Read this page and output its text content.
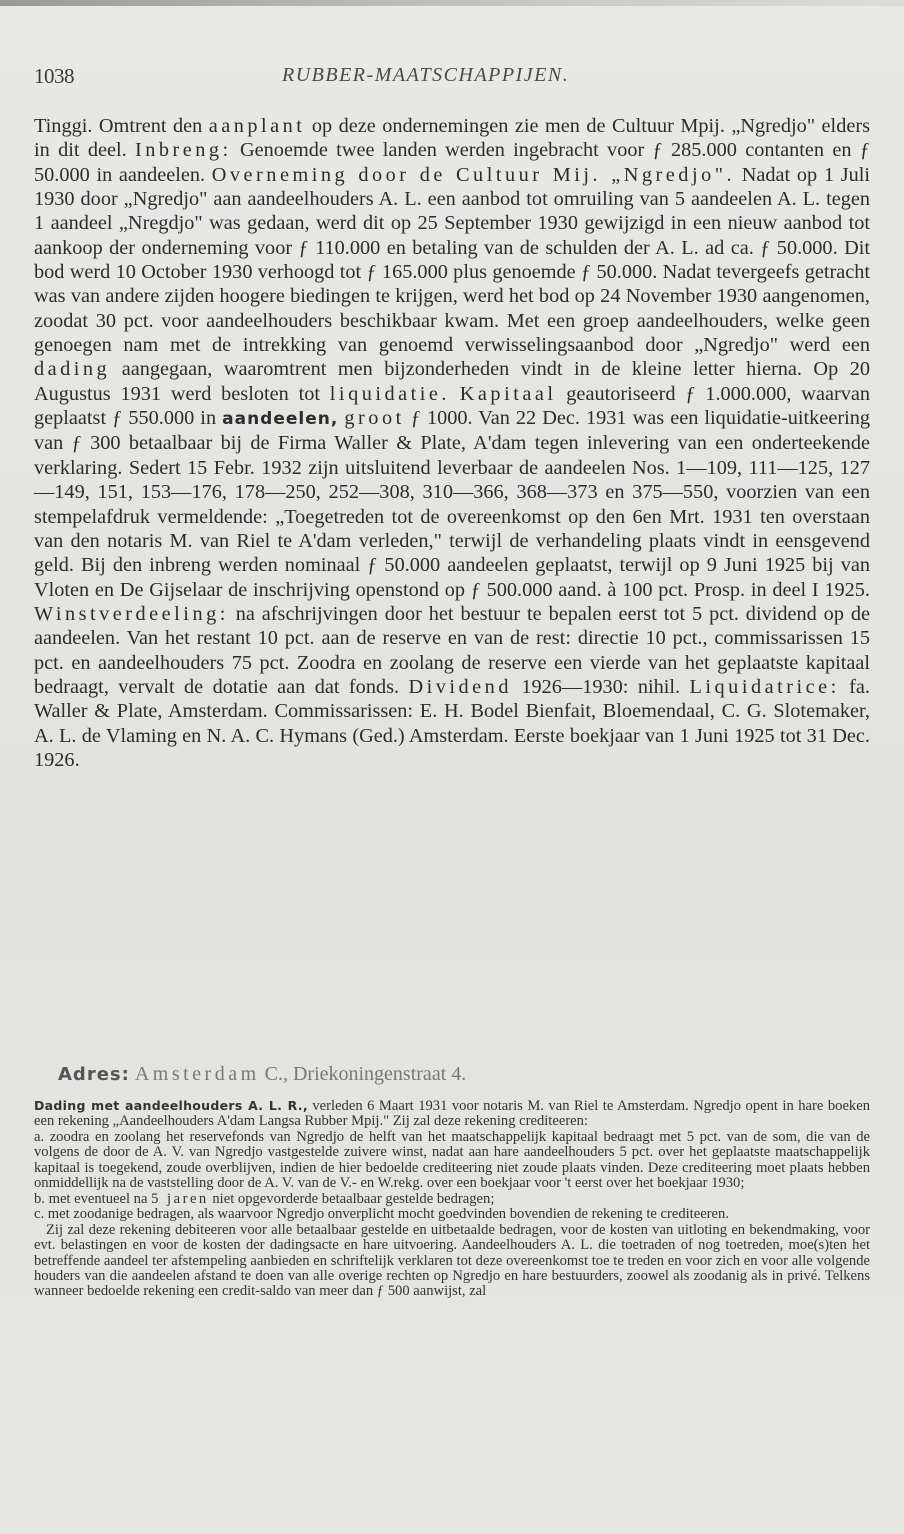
1038	RUBBER-MAATSCHAPPIJEN.

Tinggi. Omtrent den aanplant op deze ondernemingen zie men de Cultuur Mpij. „Ngredjo" elders in dit deel. Inbreng: Genoemde twee landen werden ingebracht voor ƒ 285.000 contanten en ƒ 50.000 in aandeelen. Overneming door de Cultuur Mij. „Ngredjo". Nadat op 1 Juli 1930 door „Ngredjo" aan aandeelhouders A. L. een aanbod tot omruiling van 5 aandeelen A. L. tegen 1 aandeel „Nregdjo" was gedaan, werd dit op 25 September 1930 gewijzigd in een nieuw aanbod tot aankoop der onderneming voor ƒ 110.000 en betaling van de schulden der A. L. ad ca. ƒ 50.000. Dit bod werd 10 October 1930 verhoogd tot ƒ 165.000 plus genoemde ƒ 50.000. Nadat tevergeefs getracht was van andere zijden hoogere biedingen te krijgen, werd het bod op 24 November 1930 aangenomen, zoodat 30 pct. voor aandeelhouders beschikbaar kwam. Met een groep aandeelhouders, welke geen genoegen nam met de intrekking van genoemd verwisselingsaanbod door „Ngredjo" werd een dading aangegaan, waaromtrent men bijzonderheden vindt in de kleine letter hierna. Op 20 Augustus 1931 werd besloten tot liquidatie. Kapitaal geautoriseerd ƒ 1.000.000, waarvan geplaatst ƒ 550.000 in aandeelen, groot ƒ 1000. Van 22 Dec. 1931 was een liquidatie-uitkeering van ƒ 300 betaalbaar bij de Firma Waller & Plate, A'dam tegen inlevering van een onderteekende verklaring. Sedert 15 Febr. 1932 zijn uitsluitend leverbaar de aandeelen Nos. 1—109, 111—125, 127—149, 151, 153—176, 178—250, 252—308, 310—366, 368—373 en 375—550, voorzien van een stempelafdruk vermeldende: „Toegetreden tot de overeenkomst op den 6en Mrt. 1931 ten overstaan van den notaris M. van Riel te A'dam verleden," terwijl de verhandeling plaats vindt in eensgevend geld. Bij den inbreng werden nominaal ƒ 50.000 aandeelen geplaatst, terwijl op 9 Juni 1925 bij van Vloten en De Gijselaar de inschrijving openstond op ƒ 500.000 aand. à 100 pct. Prosp. in deel I 1925. Winstverdeeling: na afschrijvingen door het bestuur te bepalen eerst tot 5 pct. dividend op de aandeelen. Van het restant 10 pct. aan de reserve en van de rest: directie 10 pct., commissarissen 15 pct. en aandeelhouders 75 pct. Zoodra en zoolang de reserve een vierde van het geplaatste kapitaal bedraagt, vervalt de dotatie aan dat fonds. Dividend 1926—1930: nihil. Liquidatrice: fa. Waller & Plate, Amsterdam. Commissarissen: E. H. Bodel Bienfait, Bloemendaal, C. G. Slotemaker, A. L. de Vlaming en N. A. C. Hymans (Ged.) Amsterdam. Eerste boekjaar van 1 Juni 1925 tot 31 Dec. 1926.

Adres: Amsterdam C., Driekoningenstraat 4.

Dading met aandeelhouders A. L. R., verleden 6 Maart 1931 voor notaris M. van Riel te Amsterdam. Ngredjo opent in hare boeken een rekening „Aandeelhouders A'dam Langsa Rubber Mpij." Zij zal deze rekening crediteeren:

a. zoodra en zoolang het reservefonds van Ngredjo de helft van het maatschappelijk kapitaal bedraagt met 5 pct. van de som, die van de volgens de door de A. V. van Ngredjo vastgestelde zuivere winst, nadat aan hare aandeelhouders 5 pct. over het geplaatste maatschappelijk kapitaal is toegekend, zoude overblijven, indien de hier bedoelde crediteering niet zoude plaats vinden. Deze crediteering moet plaats hebben onmiddellijk na de vaststelling door de A. V. van de V.- en W.rekg. over een boekjaar voor 't eerst over het boekjaar 1930;

b. met eventueel na 5 jaren niet opgevorderde betaalbaar gestelde bedragen;

c. met zoodanige bedragen, als waarvoor Ngredjo onverplicht mocht goedvinden bovendien de rekening te crediteeren.

Zij zal deze rekening debiteeren voor alle betaalbaar gestelde en uitbetaalde bedragen, voor de kosten van uitloting en bekendmaking, voor evt. belastingen en voor de kosten der dadingsacte en hare uitvoering. Aandeelhouders A. L. die toetraden of nog toetreden, moe(s)ten het betreffende aandeel ter afstempeling aanbieden en schriftelijk verklaren tot deze overeenkomst toe te treden en voor zich en voor alle volgende houders van die aandeelen afstand te doen van alle overige rechten op Ngredjo en hare bestuurders, zoowel als zoodanig als in privé. Telkens wanneer bedoelde rekening een credit-saldo van meer dan ƒ 500 aanwijst, zal
